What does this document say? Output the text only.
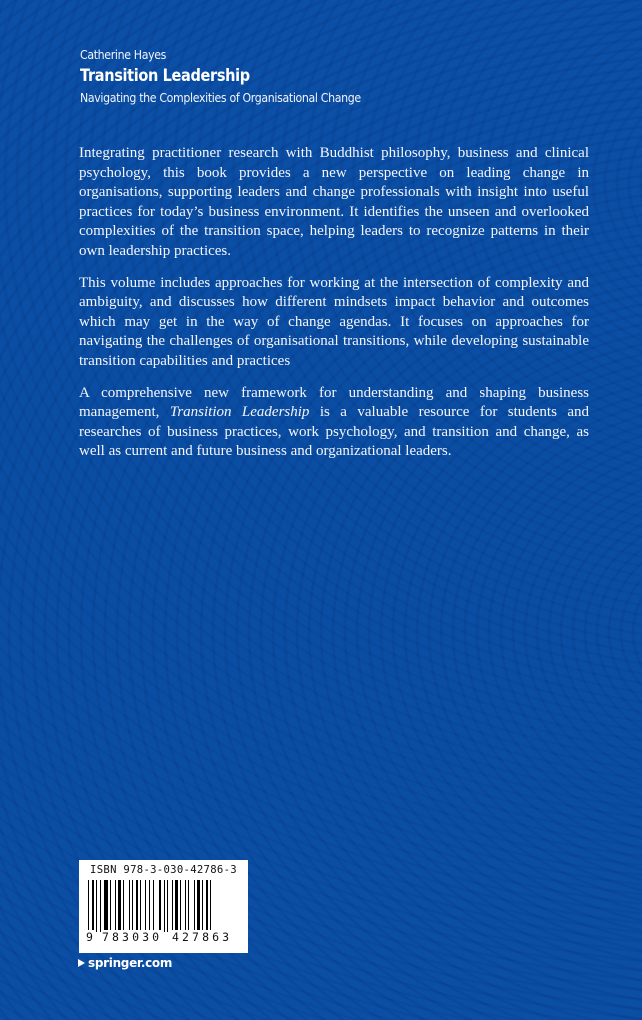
Catherine Hayes
Transition Leadership
Navigating the Complexities of Organisational Change

Integrating practitioner research with Buddhist philosophy, business and clinical psychology, this book provides a new perspective on leading change in organisations, supporting leaders and change professionals with insight into useful practices for today’s business environment. It identifies the unseen and overlooked complexities of the transition space, helping leaders to recognize patterns in their own leadership practices.

This volume includes approaches for working at the intersection of complexity and ambiguity, and discusses how different mindsets impact behavior and outcomes which may get in the way of change agendas. It focuses on approaches for navigating the challenges of organisational transitions, while developing sustainable transition capabilities and practices

A comprehensive new framework for understanding and shaping business management, Transition Leadership is a valuable resource for students and researches of business practices, work psychology, and transition and change, as well as current and future business and organizational leaders.

ISBN 978-3-030-42786-3
9 783030 427863
springer.com
